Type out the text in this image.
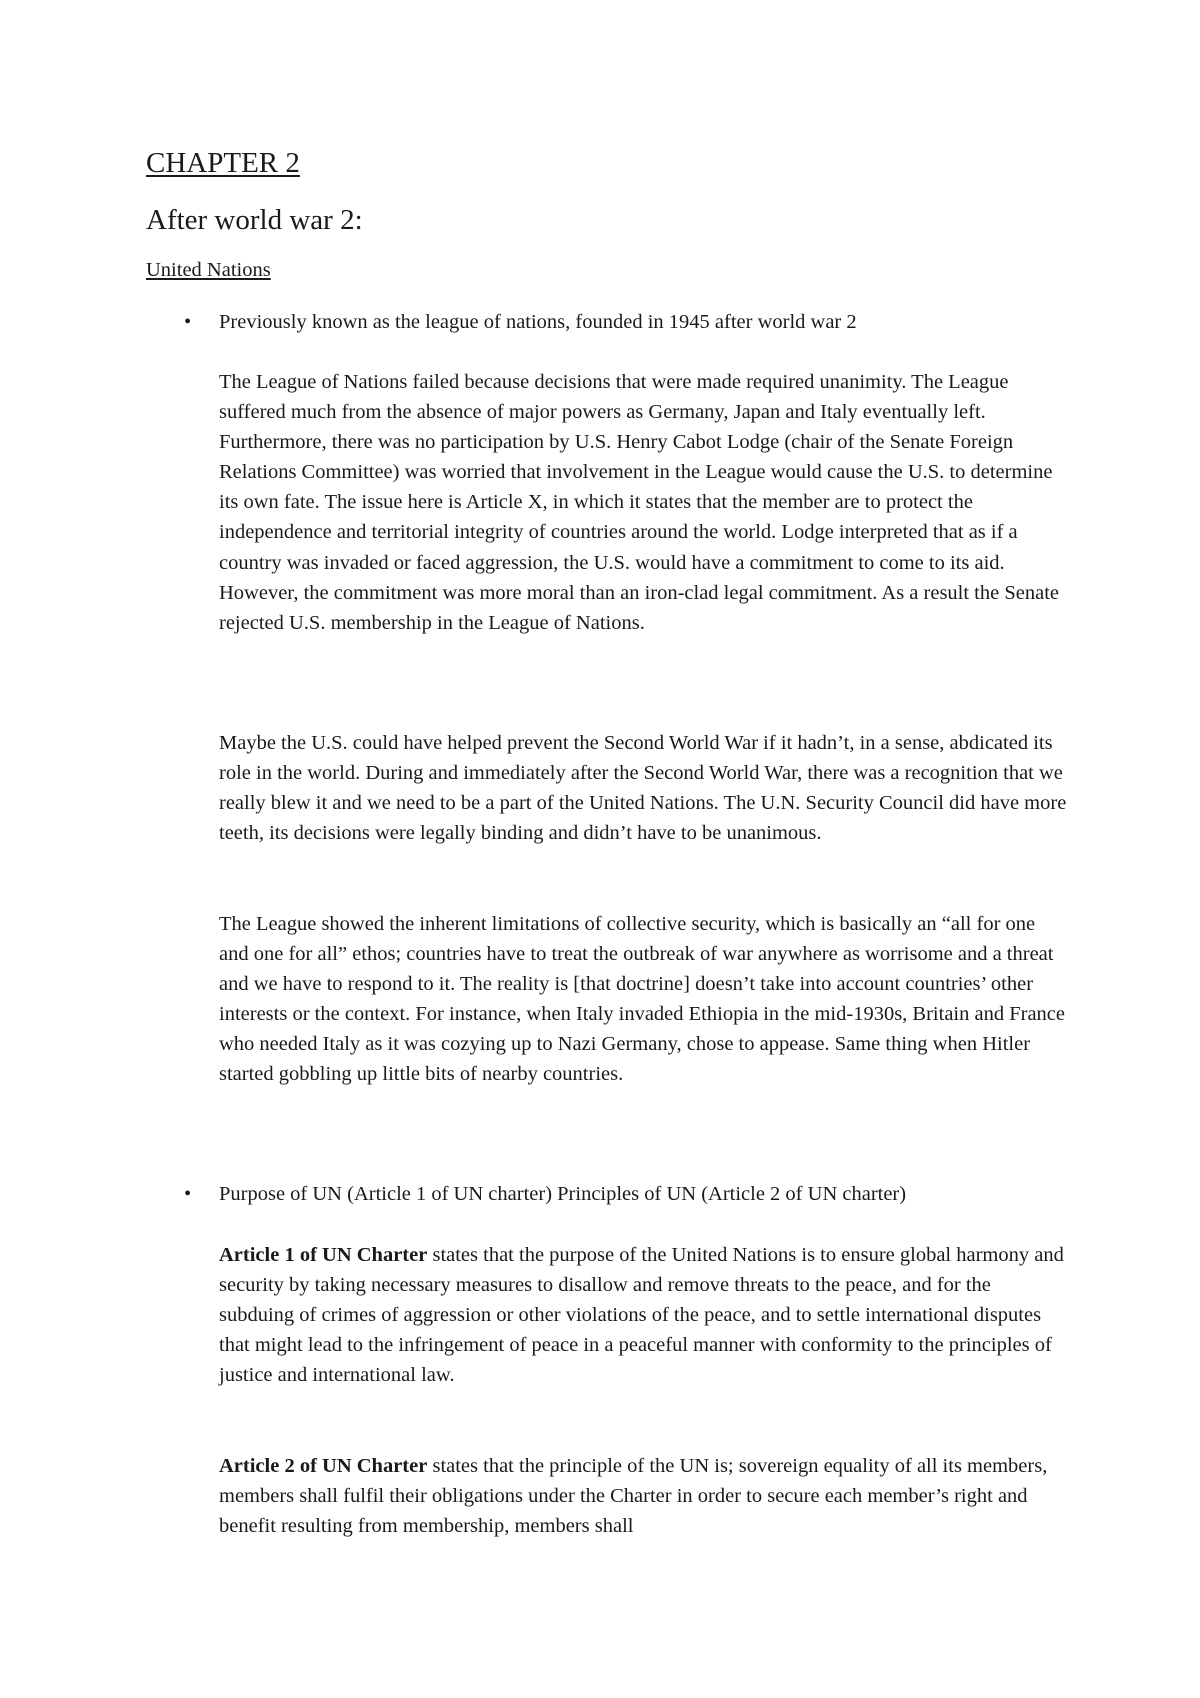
CHAPTER 2
After world war 2:
United Nations
•	Previously known as the league of nations, founded in 1945 after world war 2

The League of Nations failed because decisions that were made required unanimity. The League suffered much from the absence of major powers as Germany, Japan and Italy eventually left. Furthermore, there was no participation by U.S. Henry Cabot Lodge (chair of the Senate Foreign Relations Committee) was worried that involvement in the League would cause the U.S. to determine its own fate. The issue here is Article X, in which it states that the member are to protect the independence and territorial integrity of countries around the world. Lodge interpreted that as if a country was invaded or faced aggression, the U.S. would have a commitment to come to its aid. However, the commitment was more moral than an iron-clad legal commitment. As a result the Senate rejected U.S. membership in the League of Nations.

Maybe the U.S. could have helped prevent the Second World War if it hadn’t, in a sense, abdicated its role in the world. During and immediately after the Second World War, there was a recognition that we really blew it and we need to be a part of the United Nations. The U.N. Security Council did have more teeth, its decisions were legally binding and didn’t have to be unanimous.

The League showed the inherent limitations of collective security, which is basically an “all for one and one for all” ethos; countries have to treat the outbreak of war anywhere as worrisome and a threat and we have to respond to it. The reality is [that doctrine] doesn’t take into account countries’ other interests or the context. For instance, when Italy invaded Ethiopia in the mid-1930s, Britain and France who needed Italy as it was cozying up to Nazi Germany, chose to appease. Same thing when Hitler started gobbling up little bits of nearby countries.

•	Purpose of UN (Article 1 of UN charter) Principles of UN (Article 2 of UN charter)

Article 1 of UN Charter states that the purpose of the United Nations is to ensure global harmony and security by taking necessary measures to disallow and remove threats to the peace, and for the subduing of crimes of aggression or other violations of the peace, and to settle international disputes that might lead to the infringement of peace in a peaceful manner with conformity to the principles of justice and international law.

Article 2 of UN Charter states that the principle of the UN is; sovereign equality of all its members, members shall fulfil their obligations under the Charter in order to secure each member’s right and benefit resulting from membership, members shall
